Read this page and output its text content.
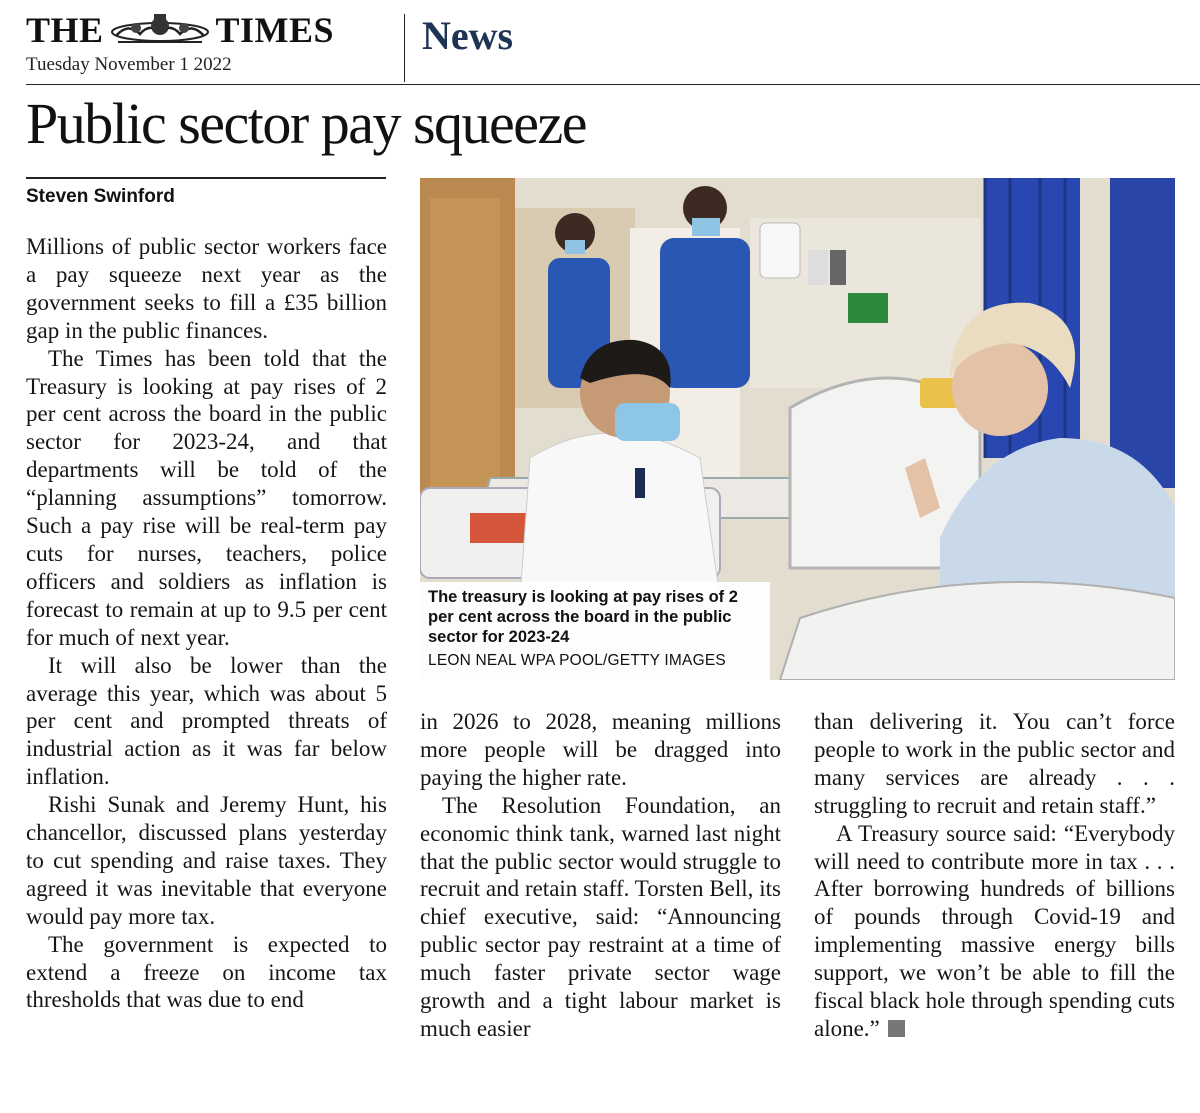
THE	TIMES
Tuesday November 1 2022
News
Public sector pay squeeze
Steven Swinford

Millions of public sector workers face a pay squeeze next year as the government seeks to fill a £35 billion gap in the public finances.

The Times has been told that the Treasury is looking at pay rises of 2 per cent across the board in the public sector for 2023-24, and that departments will be told of the “planning assumptions” tomorrow. Such a pay rise will be real-term pay cuts for nurses, teachers, police officers and soldiers as inflation is forecast to remain at up to 9.5 per cent for much of next year.

It will also be lower than the average this year, which was about 5 per cent and prompted threats of industrial action as it was far below inflation.

Rishi Sunak and Jeremy Hunt, his chancellor, discussed plans yesterday to cut spending and raise taxes. They agreed it was inevitable that everyone would pay more tax.

The government is expected to extend a freeze on income tax thresholds that was due to end

The treasury is looking at pay rises of 2 per cent across the board in the public sector for 2023-24
LEON NEAL WPA POOL/GETTY IMAGES

in 2026 to 2028, meaning millions more people will be dragged into paying the higher rate.

The Resolution Foundation, an economic think tank, warned last night that the public sector would struggle to recruit and retain staff. Torsten Bell, its chief executive, said: “Announcing public sector pay restraint at a time of much faster private sector wage growth and a tight labour market is much easier

than delivering it. You can’t force people to work in the public sector and many services are already . . . struggling to recruit and retain staff.”

A Treasury source said: “Everybody will need to contribute more in tax . . . After borrowing hundreds of billions of pounds through Covid-19 and implementing massive energy bills support, we won’t be able to fill the fiscal black hole through spending cuts alone.”
